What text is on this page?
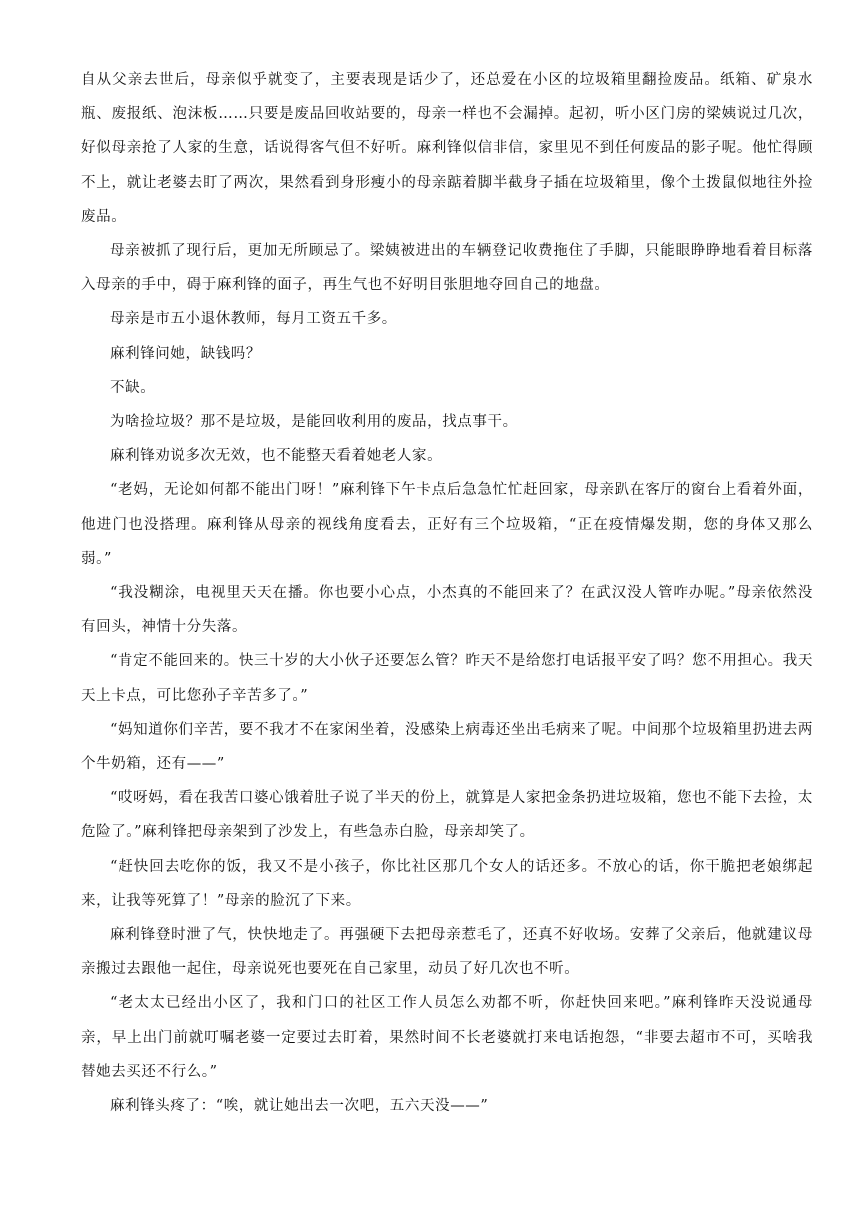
自从父亲去世后，母亲似乎就变了，主要表现是话少了，还总爱在小区的垃圾箱里翻捡废品。纸箱、矿泉水瓶、废报纸、泡沫板……只要是废品回收站要的，母亲一样也不会漏掉。起初，听小区门房的梁姨说过几次，好似母亲抢了人家的生意，话说得客气但不好听。麻利锋似信非信，家里见不到任何废品的影子呢。他忙得顾不上，就让老婆去盯了两次，果然看到身形瘦小的母亲踮着脚半截身子插在垃圾箱里，像个土拨鼠似地往外捡废品。

母亲被抓了现行后，更加无所顾忌了。梁姨被进出的车辆登记收费拖住了手脚，只能眼睁睁地看着目标落入母亲的手中，碍于麻利锋的面子，再生气也不好明目张胆地夺回自己的地盘。

母亲是市五小退休教师，每月工资五千多。

麻利锋问她，缺钱吗？

不缺。

为啥捡垃圾？那不是垃圾，是能回收利用的废品，找点事干。

麻利锋劝说多次无效，也不能整天看着她老人家。

“老妈，无论如何都不能出门呀！”麻利锋下午卡点后急急忙忙赶回家，母亲趴在客厅的窗台上看着外面，他进门也没搭理。麻利锋从母亲的视线角度看去，正好有三个垃圾箱，“正在疫情爆发期，您的身体又那么弱。”

“我没糊涂，电视里天天在播。你也要小心点，小杰真的不能回来了？在武汉没人管咋办呢。”母亲依然没有回头，神情十分失落。

“肯定不能回来的。快三十岁的大小伙子还要怎么管？昨天不是给您打电话报平安了吗？您不用担心。我天天上卡点，可比您孙子辛苦多了。”

“妈知道你们辛苦，要不我才不在家闲坐着，没感染上病毒还坐出毛病来了呢。中间那个垃圾箱里扔进去两个牛奶箱，还有——”

“哎呀妈，看在我苦口婆心饿着肚子说了半天的份上，就算是人家把金条扔进垃圾箱，您也不能下去捡，太危险了。”麻利锋把母亲架到了沙发上，有些急赤白脸，母亲却笑了。

“赶快回去吃你的饭，我又不是小孩子，你比社区那几个女人的话还多。不放心的话，你干脆把老娘绑起来，让我等死算了！”母亲的脸沉了下来。

麻利锋登时泄了气，快快地走了。再强硬下去把母亲惹毛了，还真不好收场。安葬了父亲后，他就建议母亲搬过去跟他一起住，母亲说死也要死在自己家里，动员了好几次也不听。

“老太太已经出小区了，我和门口的社区工作人员怎么劝都不听，你赶快回来吧。”麻利锋昨天没说通母亲，早上出门前就叮嘱老婆一定要过去盯着，果然时间不长老婆就打来电话抱怨，“非要去超市不可，买啥我替她去买还不行么。”

麻利锋头疼了：“唉，就让她出去一次吧，五六天没——”
